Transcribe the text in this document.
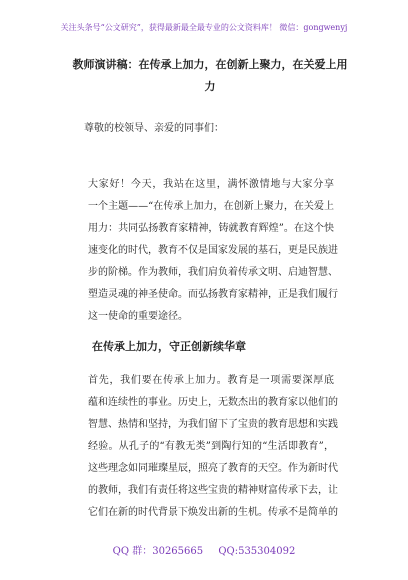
关注头条号“公文研究”，获得最新最全最专业的公文资料库！ 微信：gongwenyj
教师演讲稿：在传承上加力，在创新上聚力，在关爱上用
力
尊敬的校领导、亲爱的同事们：
大家好！今天，我站在这里，满怀激情地与大家分享
一个主题——“在传承上加力，在创新上聚力，在关爱上
用力：共同弘扬教育家精神，铸就教育辉煌”。在这个快
速变化的时代，教育不仅是国家发展的基石，更是民族进
步的阶梯。作为教师，我们肩负着传承文明、启迪智慧、
塑造灵魂的神圣使命。而弘扬教育家精神，正是我们履行
这一使命的重要途径。
在传承上加力，守正创新续华章
首先，我们要在传承上加力。教育是一项需要深厚底
蕴和连续性的事业。历史上，无数杰出的教育家以他们的
智慧、热情和坚持，为我们留下了宝贵的教育思想和实践
经验。从孔子的“有教无类”到陶行知的“生活即教育”，
这些理念如同璀璨星辰，照亮了教育的天空。作为新时代
的教师，我们有责任将这些宝贵的精神财富传承下去，让
它们在新的时代背景下焕发出新的生机。传承不是简单的
QQ 群：30265665 QQ:535304092
